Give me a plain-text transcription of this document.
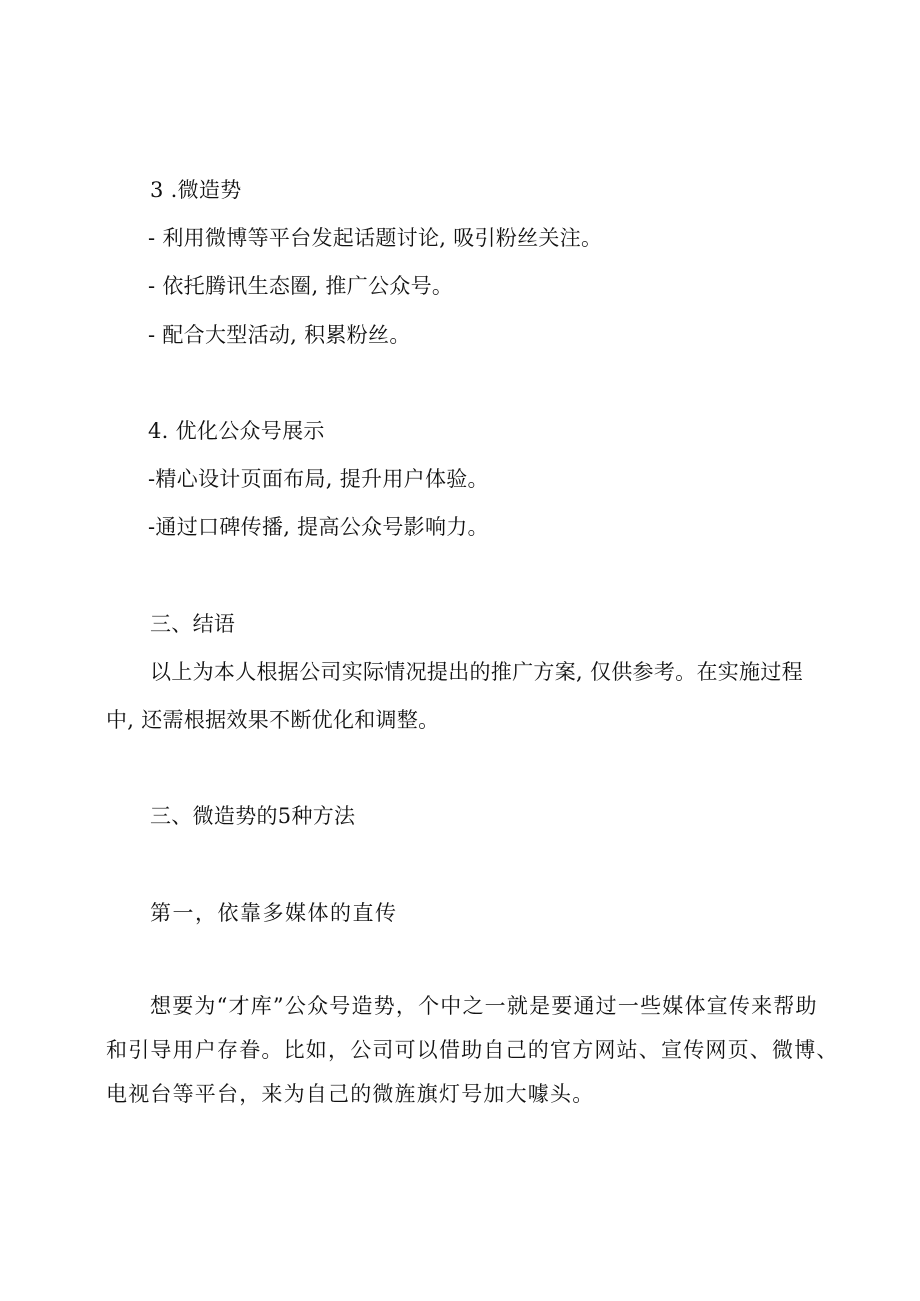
3 .微造势
- 利用微博等平台发起话题讨论, 吸引粉丝关注。
- 依托腾讯生态圈, 推广公众号。
- 配合大型活动, 积累粉丝。
4. 优化公众号展示
-精心设计页面布局, 提升用户体验。
-通过口碑传播, 提高公众号影响力。
三、结语
以上为本人根据公司实际情况提出的推广方案, 仅供参考。在实施过程
中, 还需根据效果不断优化和调整。
三、微造势的5种方法
第一，依靠多媒体的直传
想要为“才库”公众号造势，个中之一就是要通过一些媒体宣传来帮助
和引导用户存眷。比如，公司可以借助自己的官方网站、宣传网页、微博、
电视台等平台，来为自己的微旌旗灯号加大噱头。
